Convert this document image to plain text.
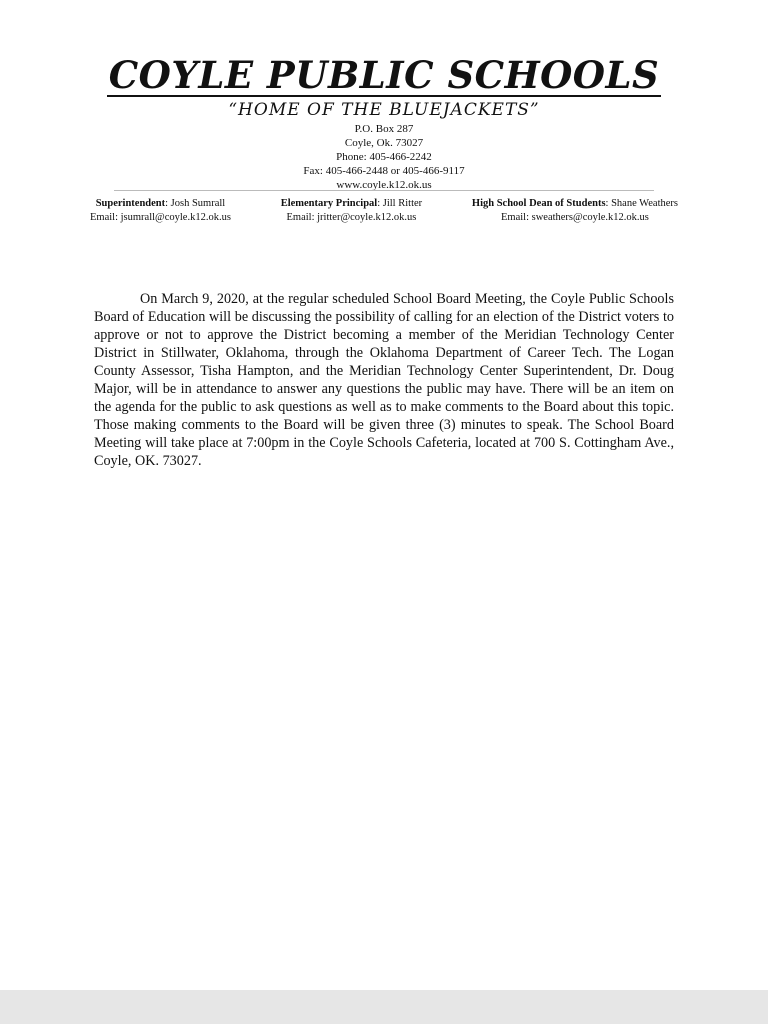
COYLE PUBLIC SCHOOLS
“HOME OF THE BLUEJACKETS”
P.O. Box 287
Coyle, Ok. 73027
Phone: 405-466-2242
Fax: 405-466-2448 or 405-466-9117
www.coyle.k12.ok.us
Superintendent: Josh Sumrall
Email: jsumrall@coyle.k12.ok.us
Elementary Principal: Jill Ritter
Email: jritter@coyle.k12.ok.us
High School Dean of Students: Shane Weathers
Email: sweathers@coyle.k12.ok.us

On March 9, 2020, at the regular scheduled School Board Meeting, the Coyle Public Schools Board of Education will be discussing the possibility of calling for an election of the District voters to approve or not to approve the District becoming a member of the Meridian Technology Center District in Stillwater, Oklahoma, through the Oklahoma Department of Career Tech. The Logan County Assessor, Tisha Hampton, and the Meridian Technology Center Superintendent, Dr. Doug Major, will be in attendance to answer any questions the public may have. There will be an item on the agenda for the public to ask questions as well as to make comments to the Board about this topic. Those making comments to the Board will be given three (3) minutes to speak. The School Board Meeting will take place at 7:00pm in the Coyle Schools Cafeteria, located at 700 S. Cottingham Ave., Coyle, OK. 73027.
